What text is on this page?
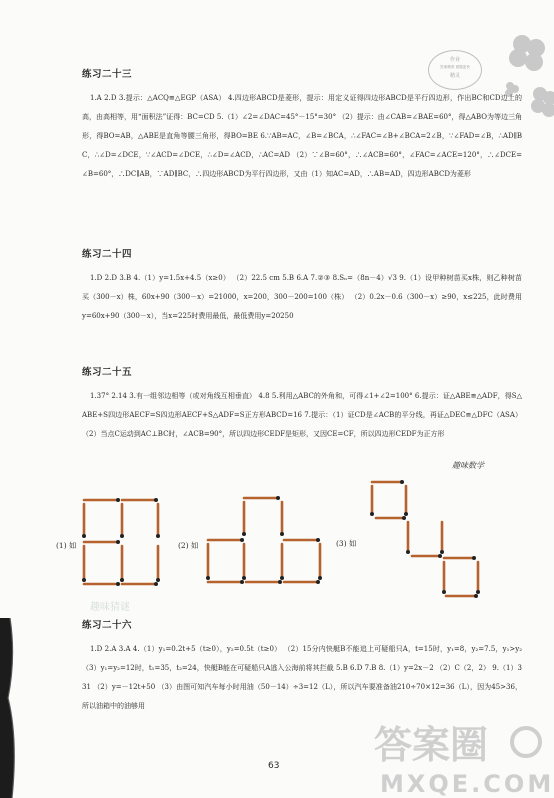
作业
答案精准 做题更快
精灵
练习二十三

1.A 2.D 3.提示：△ACQ≌△EGP（ASA） 4.四边形ABCD是菱形，提示：用定义证得四边形ABCD是平行四边形，作出BC和CD边上的高，由高相等，用“面积法”证得：BC=CD 5.（1）∠2=∠DAC=45°－15°=30° （2）提示：由∠CAB=∠BAE=60°，得△ABO为等边三角形，得BO=AB，△ABE是直角等腰三角形，得BO=BE 6.∵AB=AC，∠B=∠BCA，∴∠FAC=∠B+∠BCA=2∠B，∵∠FAD=∠B，∴AD∥BC，∴∠D=∠DCE，∵∠ACD=∠DCE，∴∠D=∠ACD，∴AC=AD （2）∵∠B=60°，∴∠ACB=60°，∠FAC=∠ACE=120°，∴∠DCE=∠B=60°，∴DC∥AB，∵AD∥BC，∴四边形ABCD为平行四边形，又由（1）知AC=AD，∴AB=AD，四边形ABCD为菱形

练习二十四

1.D 2.D 3.B 4.（1）y=1.5x+4.5（x≥0） （2）22.5 cm 5.B 6.A 7.②③ 8.Sₙ=（8n－4）√3 9.（1）设甲种树苗买x株，则乙种树苗买（300－x）株，60x+90（300－x）=21000，x=200，300－200=100（株） （2）0.2x－0.6（300－x）≥90，x≤225，此时费用y=60x+90（300－x），当x=225时费用最低，最低费用y=20250

练习二十五

1.37° 2.14 3.有一组邻边相等（或对角线互相垂直） 4.8 5.利用△ABC的外角和，可得∠1+∠2=100° 6.提示：证△ABE≌△ADF，得S△ABE+S四边形AECF=S四边形AECF+S△ADF=S正方形ABCD=16 7.提示：（1）证CD是∠ACB的平分线，再证△DEC≌△DFC（ASA） （2）当点C运动到AC⊥BC时，∠ACB=90°，所以四边形CEDF是矩形，又因CE=CF，所以四边形CEDF为正方形

趣味数学
(1) 如	(2) 如	(3) 如
趣味猜谜
练习二十六

1.D 2.A 3.A 4.（1）y₁=0.2t+5（t≥0），y₂=0.5t（t≥0） （2）15分内快艇B不能追上可疑船只A，t=15时，y₁=8，y₂=7.5，y₁>y₂ （3）y₁=y₂=12时，t₁=35，t₂=24，快艇B能在可疑船只A逃入公海前将其拦截 5.B 6.D 7.B 8.（1）y=2x－2 （2）C（2，2） 9.（1）3 31 （2）y=－12t+50 （3）由图可知汽车每小时用油（50－14）÷3=12（L），所以汽车要准备油210÷70×12=36（L），因为45>36，所以油箱中的油够用

答案圈
MXQE.COM
63
